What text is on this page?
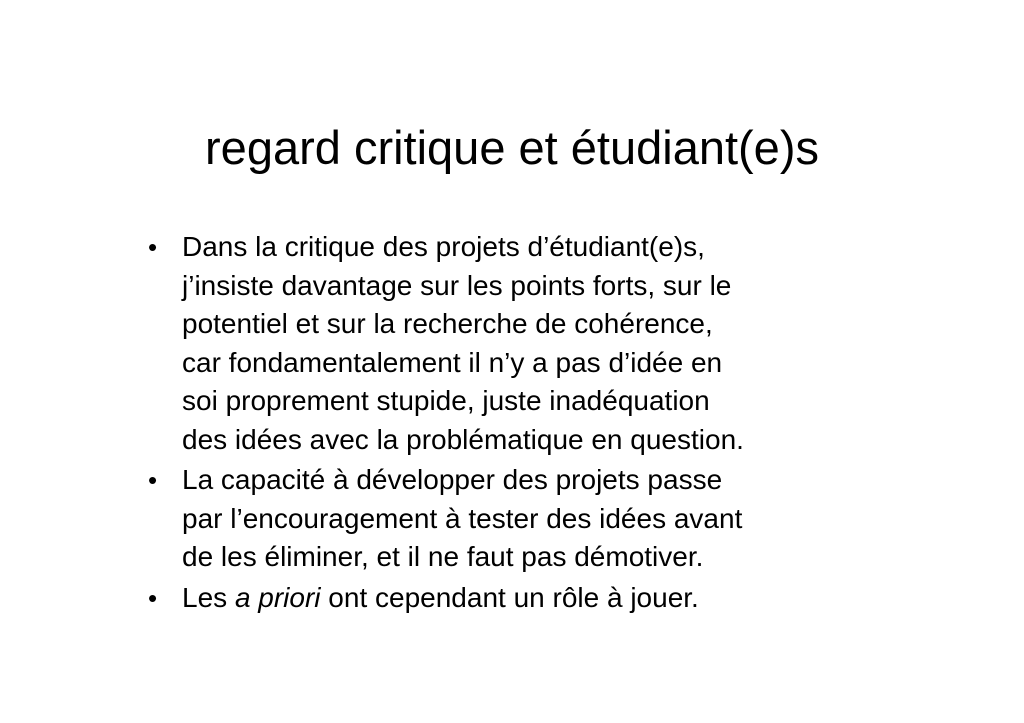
regard critique et étudiant(e)s
• Dans la critique des projets d’étudiant(e)s,
j’insiste davantage sur les points forts, sur le
potentiel et sur la recherche de cohérence,
car fondamentalement il n’y a pas d’idée en
soi proprement stupide, juste inadéquation
des idées avec la problématique en question.
• La capacité à développer des projets passe
par l’encouragement à tester des idées avant
de les éliminer, et il ne faut pas démotiver.
• Les a priori ont cependant un rôle à jouer.
